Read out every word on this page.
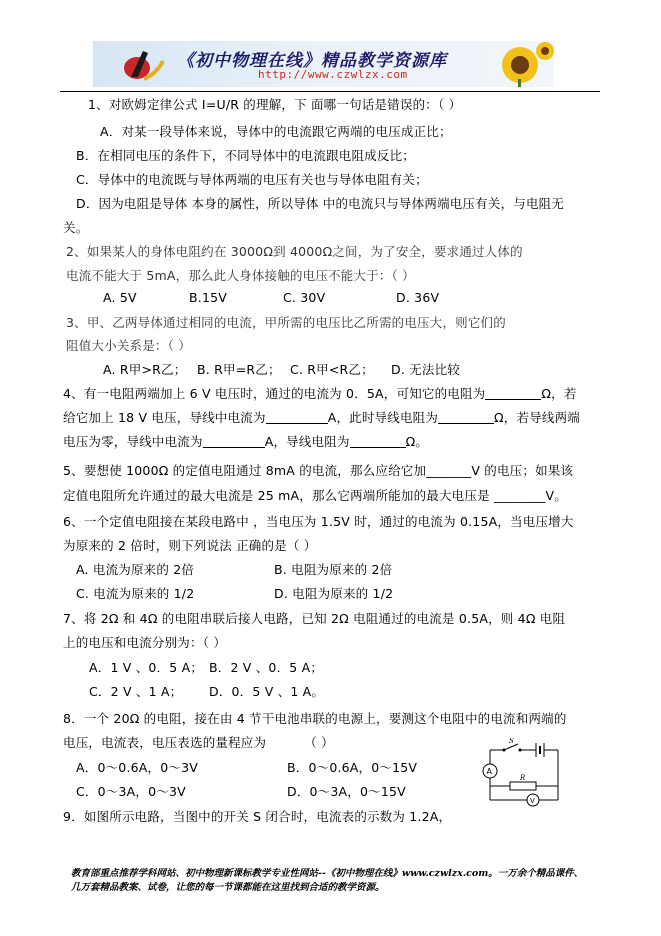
《初中物理在线》精品教学资源库
http://www.czwlzx.com
1、对欧姆定律公式 I=U/R 的理解，下 面哪一句话是错误的：（ ）
A．对某一段导体来说，导体中的电流跟它两端的电压成正比；
B．在相同电压的条件下，不同导体中的电流跟电阻成反比；
C．导体中的电流既与导体两端的电压有关也与导体电阻有关；
D．因为电阻是导体 本身的属性，所以导体 中的电流只与导体两端电压有关，与电阻无
关。
2、如果某人的身体电阻约在 3000Ω到 4000Ω之间，为了安全，要求通过人体的
电流不能大于 5mA，那么此人身体接触的电压不能大于：（ ）
A. 5V	B.15V	C. 30V	D. 36V
3、甲、乙两导体通过相同的电流，甲所需的电压比乙所需的电压大，则它们的
阻值大小关系是：（ ）
A. R甲>R乙； B. R甲=R乙； C. R甲<R乙； D. 无法比较
4、有一电阻两端加上 6 V 电压时，通过的电流为 0．5A，可知它的电阻为	Ω，若
给它加上 18 V 电压，导线中电流为	A，此时导线电阻为	Ω，若导线两端
电压为零，导线中电流为	A，导线电阻为	Ω。
5、要想使 1000Ω 的定值电阻通过 8mA 的电流，那么应给它加_______V 的电压；如果该
定值电阻所允许通过的最大电流是 25 mA，那么它两端所能加的最大电压是 ________V。
6、一个定值电阻接在某段电路中 ，当电压为 1.5V 时，通过的电流为 0.15A，当电压增大
为原来的 2 倍时，则下列说法 正确的是（ ）
A. 电流为原来的 2倍	B. 电阻为原来的 2倍
C. 电流为原来的 1/2	D. 电阻为原来的 1/2
7、将 2Ω 和 4Ω 的电阻串联后接人电路，已知 2Ω 电阻通过的电流是 0.5A，则 4Ω 电阻
上的电压和电流分别为：（ ）
A．1 V 、0．5 A； B．2 V 、0．5 A；
C．2 V 、1 A； D．0．5 V 、1 A。
8．一个 20Ω 的电阻，接在由 4 节干电池串联的电源上，要测这个电阻中的电流和两端的
电压，电流表，电压表选的量程应为	（ ）
A．0～0.6A，0～3V	B．0～0.6A，0～15V
C．0～3A，0～3V	D．0～3A，0～15V
9．如图所示电路，当图中的开关 S 闭合时，电流表的示数为 1.2A，
S
R
A
V
教育部重点推荐学科网站、初中物理新课标教学专业性网站--《初中物理在线》www.czwlzx.com。一万余个精品课件、
几万套精品教案、试卷，让您的每一节课都能在这里找到合适的教学资源。
